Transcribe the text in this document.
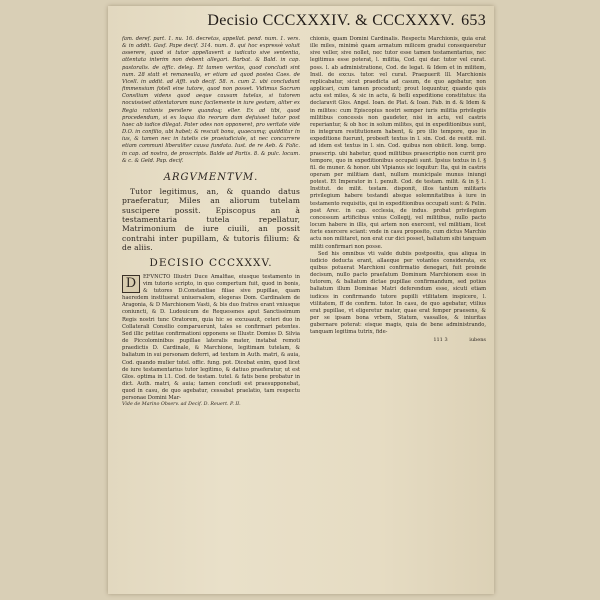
Decisio CCCXXXIV. & CCCXXXV. 653

fam. deref. part. 1. nu. 16. decretas, appellat. pend. num. 1. vers. & in addit. Gasf. Pape decif. 314. num. 8. qui hoc expressè voluit asserere, quod si tutor appellaverit a iudicato sive sententia, attentata interim non debent allegari. Barbat. & Bald. in cap. pastoralis. de offic. deleg. Et tamen veritas, quod concludi sint num. 28 statt et remanealla, er etiam ad quod postea Caes. de Vicell. in addit. ad Afft. sub decif. 58. n. cum 2. ubi concludunt fimmensium fotell eine tutore, quod non posset. Vidimus Sacrum Consilium videns quod aeque causam tutelas, si tutorem nocuissiset attentatorum nunc facilemente in iure gestam, aliter ex Regia rationis persilere quandoq; eller. Ex ad tibi, quod procedendum, si ex loqua ilio reorum dum defuisset tutor post haec ab iudice dilegat. Pater odes non opponeret, pro veritate vide D.O. in confilio, ubi habet; & rescuit bona, quaecumq; quidditur in ius, & tamen nec in tutelis cie praeiudiciale, ut nec concurrere etiam communi liberaliter causa fundata. Iust. de re Aeb. & Falic. in cap. ad nostra, de proscripts. Balde ad Partis. 8. & pulc. locum. & c. & Geld. Pap. decif.

ARGVMENTVM.

Tutor legitimus, an, & quando datus praeferatur, Miles an aliorum tutelam suscipere possit. Episcopus an à testamentaria tutela repellatur, Matrimonium de iure ciuili, an possit contrahi inter pupillam, & tutoris filium: & de aliis.

DECISIO CCCXXXV.

D	EFVNCTO Illustri Duce Amalfiae, eiusque testamento in vim tutorio scripto, in quo compertum fuit, quod in bonis, & tutores D.Constantiae filiae sive pupillae, quam haeredem instituerat uniuersalem, elegeras Dom. Cardinalem de Aragonia, & D Marchionem Vasti, & bis duo fratres erant vniusque coniuncti, & D. Ludouicum de Requesenes aput Sanctissimum Regis nostri tunc Oratorem, quia hic se excusauit, ceteri duo in Collaterali Consilio comparuerunt, tales se confirmari petentes. Sed illic petitae confirmationi opponens se Illustr. Domiss D. Silvia de Piccolominibus pupillae lateralis mater, instabat remoti praedictis D. Cardinale, & Marchione, legitimam tutelam, & baliatum in sui personam deferri, ad textum in Auth. matri, & auia, Cod. quando mulier tutel. offic. fung. pot. Dicebat enim, quod licet de iure testamentarius tutor legitimo, & datiuo praeferatur, ut est Glos. optima in l.1. Cod. de testam. tutel. & fatis bene probatur in dict. Auth. matri, & auia; tamen concludi est praesupponebat, quod in casu, de quo agebatur, cessabat praelatio, tam respectu personae Domini Mar-

Vide de Marino Observ. ad Decif. D. Reuert. P. II.

chionis, quam Domini Cardinalis. Respectu Marchionis, quia erat ille miles, minimè quam armatum milicem gradui consequeretur sive veller, sive nollet, nec tutor esse tamen testamentarius, nec legitimus esse poterat, l. militia, Cod. qui dar. tutor vel curat. poss. l. ab administratione, Cod. de legat. & Idem et in militem, Insil. de excus. tutor. vel curat. Praepuerit lll. Marchionis replicabatur, sicut praedicta ad casum, de quo agebatur, non applicari, cum tamen procedunt; prout loquuntur, quando quis actu est miles, & sic in actu, & belli expeditione constitutus: ita declaravit Glos. Angel. Ioan. de Plat. & Ioan. Fab. in d. & Idem & in milites: cum Episcopius nostri semper iuris militia privilegiis militibus concessis non gaudeter, nisi in actu, vel castris reperiantur, & ob hoc in solum milites, qui in expeditionibus sunt, in integrum restitutionem habent, & pro illo tempore, quo in expeditione fuerunt, probeeft textus in l. sin. Cod. de restit. mil. ad idem est textus in l. sin. Cod. quibus non obiicit. long. temp. praescrip. ubi habetur, quod militibus praescriptio non currit pro tempore, quo in expeditionibus occupati sunt. Ipsius textus in l. § fil. de muner. & honor. ubi Vlpianus sic loquitur: Ita, qui in castris operam per militiam dant, nullum municipale munus iniungi potest. Et Imperator in l. penult. Cod. de testam. milit. & in § 1. Institut. de milit. testam. disponit, illos tantum militaris privilegium habere testandi absque solemnitatibus à iure in testamento requisitis, qui in expeditionibus occupati sunt: & Felin. post Arec. in cap. ecclesia, de indus. probat privilegium concessum artificibus vnius Collegij, vel militibus, nullo pacto locum habere in illis, qui artem non exercent, vel militiam, licet forte exercere sciant: vnde in casu proposito, cum dictus Marchio actu non militaret, non erat cur dici posset, baliatum sibi tanquam militi confirmari non posse.

Sed his omnibus vti valde dubiis postpositis, qua aliqua in iudicio deducta erant, allaeque per votantes considerata, ex quibus potuerat Marchioni confirmatio denegari, fuit proinde decisum, nullo pacto praefatum Dominum Marchionem esse in tutorem, & baliatum dictae pupillae confirmandum, sed potius baliatum illum Dominae Matri deferendum esse, sicuti etiam iudices in confirmando tutore pupilli vtilitatem inspicere, l. vtilitatem, ff de confirm. tutor. In casu, de quo agebatur, vtilius erat pupillae, vt eligeretur mater, quae erat femper praesens, & per se ipsam bona vrbem, Statum, vassallos, & iniuritas gubernare poterat: eisque magis, quia de bene administrando, tanquam legitima tutrix, fide-

111 3	iubens
